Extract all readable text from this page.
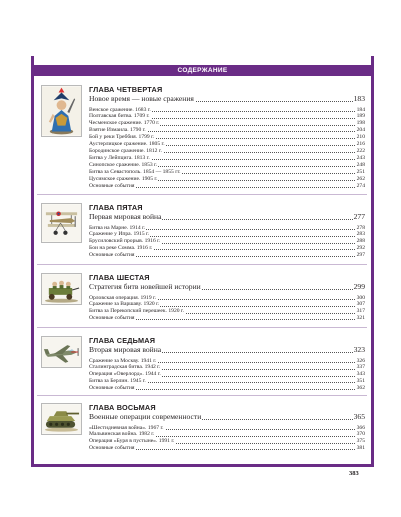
СОДЕРЖАНИЕ
ГЛАВА ЧЕТВЕРТАЯ
Новое время — новые сражения	183
Венское сражение. 1683 г.	184
Полтавская битва. 1709 г.	189
Чесменское сражение. 1770 г.	198
Взятие Измаила. 1790 г.	204
Бой у реки Треббия. 1799 г.	210
Аустерлицкое сражение. 1805 г.	216
Бородинское сражение. 1812 г.	222
Битва у Лейпцига. 1813 г.	243
Синопское сражение. 1853 г.	248
Битва за Севастополь. 1854 — 1855 гг.	251
Цусимское сражение. 1905 г.	262
Основные события	274
ГЛАВА ПЯТАЯ
Первая мировая война	277
Битва на Марне. 1914 г.	278
Сражение у Ипра. 1915 г.	283
Брусиловский прорыв. 1916 г.	288
Бои на реке Сомма. 1916 г.	292
Основные события	297
ГЛАВА ШЕСТАЯ
Стратегия битв новейшей истории	299
Орловская операция. 1919 г.	300
Сражение за Варшаву. 1920 г.	307
Битва за Перекопский перешеек. 1920 г.	317
Основные события	321
ГЛАВА СЕДЬМАЯ
Вторая мировая война	323
Сражение за Москву. 1941 г.	326
Сталинградская битва. 1942 г.	337
Операция «Оверлорд». 1944 г.	343
Битва за Берлин. 1945 г.	351
Основные события	362
ГЛАВА ВОСЬМАЯ
Военные операции современности	365
«Шестидневная война». 1967 г.	366
Мальвинская война. 1982 г.	370
Операция «Буря в пустыне». 1991 г.	375
Основные события	381
383
